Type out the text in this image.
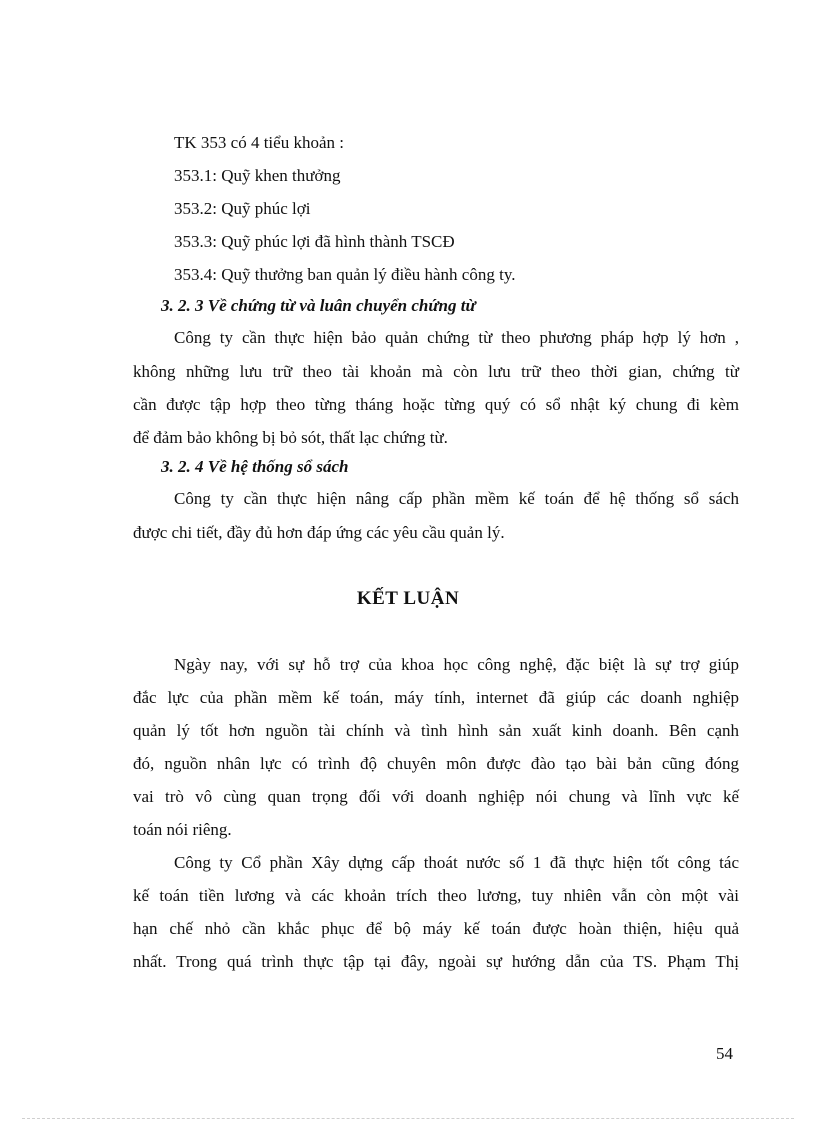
TK 353 có 4 tiểu khoản :
353.1: Quỹ khen thưởng
353.2: Quỹ phúc lợi
353.3: Quỹ phúc lợi đã hình thành TSCĐ
353.4: Quỹ thưởng ban quản lý điều hành công ty.
3. 2. 3 Về chứng từ và luân chuyển chứng từ
Công ty cần thực hiện bảo quản chứng từ theo phương pháp hợp lý hơn ,
không những lưu trữ theo tài khoản mà còn lưu trữ theo thời gian, chứng từ
cần được tập hợp theo từng tháng hoặc từng quý có sổ nhật ký chung đi kèm
để đảm bảo không bị bỏ sót, thất lạc chứng từ.
3. 2. 4 Về hệ thống sổ sách
Công ty cần thực hiện nâng cấp phần mềm kế toán để hệ thống sổ sách
được chi tiết, đầy đủ hơn đáp ứng các yêu cầu quản lý.
KẾT LUẬN
Ngày nay, với sự hỗ trợ của khoa học công nghệ, đặc biệt là sự trợ giúp
đắc lực của phần mềm kế toán, máy tính, internet đã giúp các doanh nghiệp
quản lý tốt hơn nguồn tài chính và tình hình sản xuất kinh doanh. Bên cạnh
đó, nguồn nhân lực có trình độ chuyên môn được đào tạo bài bản cũng đóng
vai trò vô cùng quan trọng đối với doanh nghiệp nói chung và lĩnh vực kế
toán nói riêng.
Công ty Cổ phần Xây dựng cấp thoát nước số 1 đã thực hiện tốt công tác
kế toán tiền lương và các khoản trích theo lương, tuy nhiên vẫn còn một vài
hạn chế nhỏ cần khắc phục để bộ máy kế toán được hoàn thiện, hiệu quả
nhất. Trong quá trình thực tập tại đây, ngoài sự hướng dẫn của TS. Phạm Thị
54
